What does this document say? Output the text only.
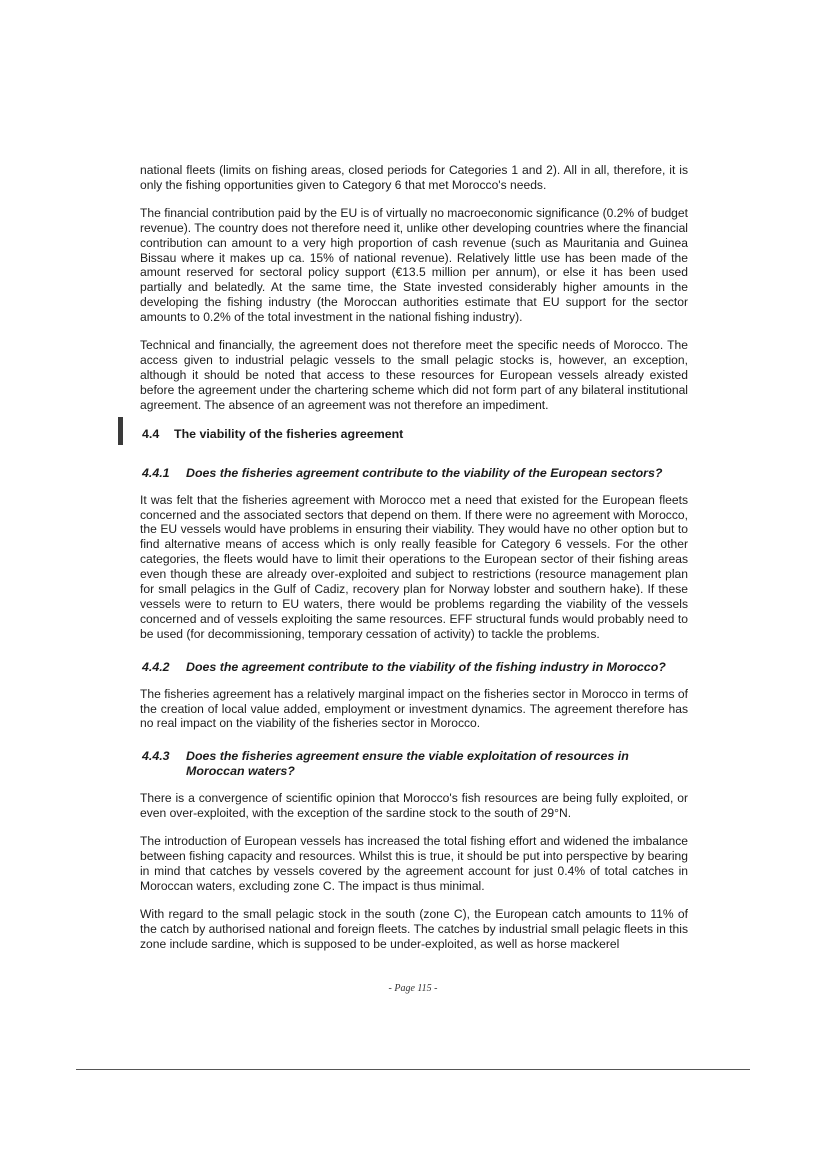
national fleets (limits on fishing areas, closed periods for Categories 1 and 2). All in all, therefore, it is only the fishing opportunities given to Category 6 that met Morocco's needs.

The financial contribution paid by the EU is of virtually no macroeconomic significance (0.2% of budget revenue). The country does not therefore need it, unlike other developing countries where the financial contribution can amount to a very high proportion of cash revenue (such as Mauritania and Guinea Bissau where it makes up ca. 15% of national revenue). Relatively little use has been made of the amount reserved for sectoral policy support (€13.5 million per annum), or else it has been used partially and belatedly. At the same time, the State invested considerably higher amounts in the developing the fishing industry (the Moroccan authorities estimate that EU support for the sector amounts to 0.2% of the total investment in the national fishing industry).

Technical and financially, the agreement does not therefore meet the specific needs of Morocco. The access given to industrial pelagic vessels to the small pelagic stocks is, however, an exception, although it should be noted that access to these resources for European vessels already existed before the agreement under the chartering scheme which did not form part of any bilateral institutional agreement. The absence of an agreement was not therefore an impediment.

4.4 The viability of the fisheries agreement
4.4.1	Does the fisheries agreement contribute to the viability of the European sectors?

It was felt that the fisheries agreement with Morocco met a need that existed for the European fleets concerned and the associated sectors that depend on them. If there were no agreement with Morocco, the EU vessels would have problems in ensuring their viability. They would have no other option but to find alternative means of access which is only really feasible for Category 6 vessels. For the other categories, the fleets would have to limit their operations to the European sector of their fishing areas even though these are already over-exploited and subject to restrictions (resource management plan for small pelagics in the Gulf of Cadiz, recovery plan for Norway lobster and southern hake). If these vessels were to return to EU waters, there would be problems regarding the viability of the vessels concerned and of vessels exploiting the same resources. EFF structural funds would probably need to be used (for decommissioning, temporary cessation of activity) to tackle the problems.

4.4.2	Does the agreement contribute to the viability of the fishing industry in Morocco?

The fisheries agreement has a relatively marginal impact on the fisheries sector in Morocco in terms of the creation of local value added, employment or investment dynamics. The agreement therefore has no real impact on the viability of the fisheries sector in Morocco.

4.4.3	Does the fisheries agreement ensure the viable exploitation of resources in Moroccan waters?

There is a convergence of scientific opinion that Morocco's fish resources are being fully exploited, or even over-exploited, with the exception of the sardine stock to the south of 29°N.

The introduction of European vessels has increased the total fishing effort and widened the imbalance between fishing capacity and resources. Whilst this is true, it should be put into perspective by bearing in mind that catches by vessels covered by the agreement account for just 0.4% of total catches in Moroccan waters, excluding zone C. The impact is thus minimal.

With regard to the small pelagic stock in the south (zone C), the European catch amounts to 11% of the catch by authorised national and foreign fleets. The catches by industrial small pelagic fleets in this zone include sardine, which is supposed to be under-exploited, as well as horse mackerel

- Page 115 -
